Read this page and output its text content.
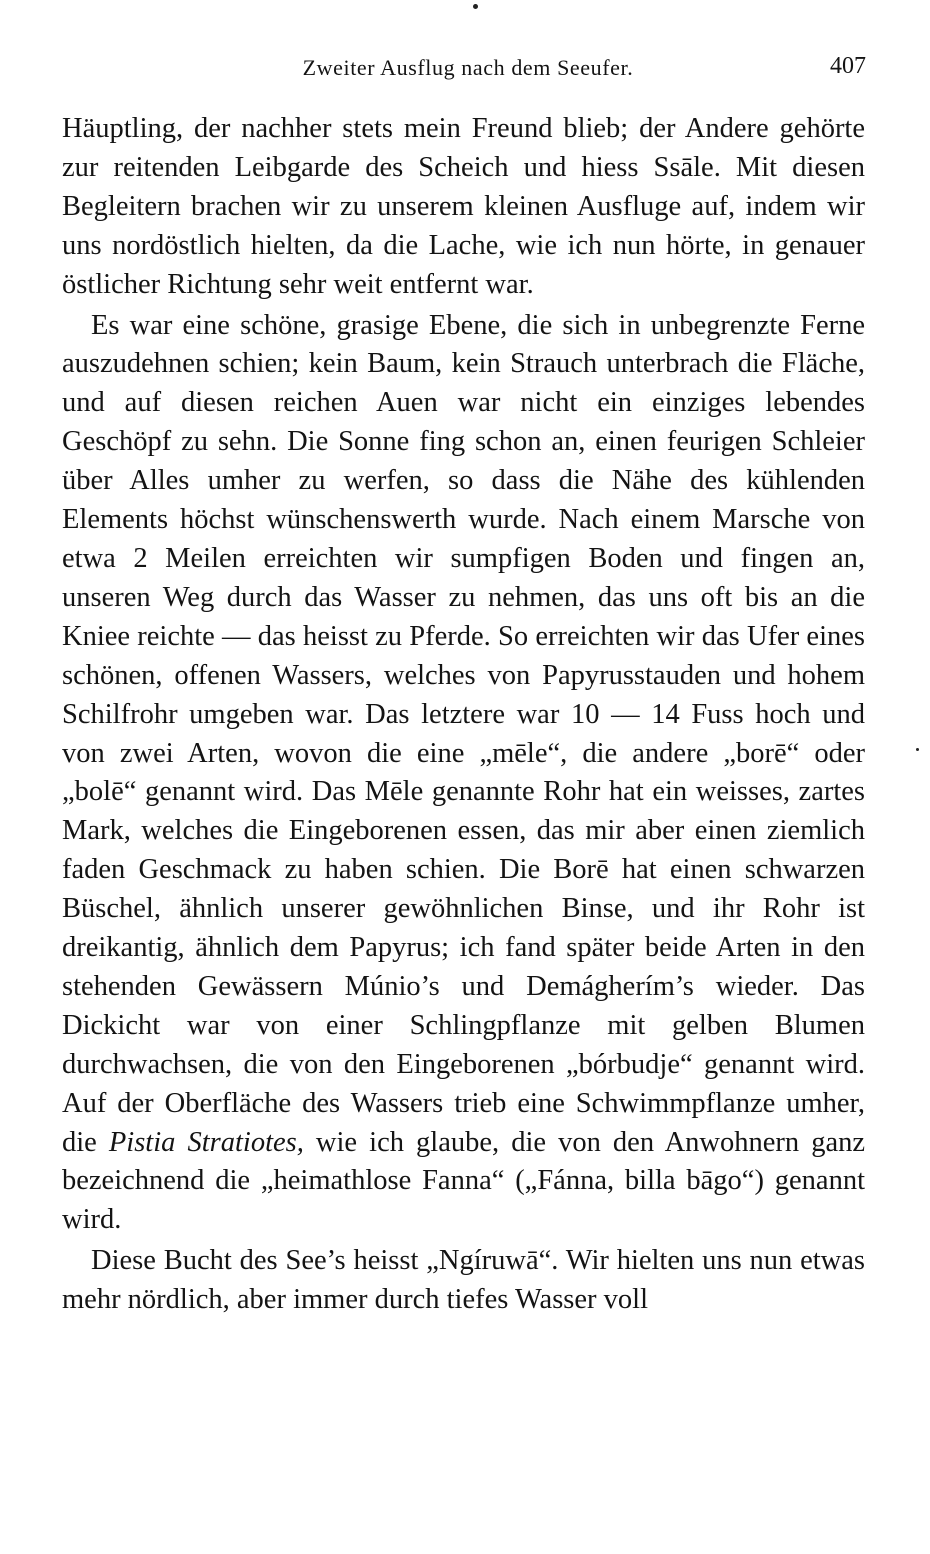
Zweiter Ausflug nach dem Seeufer.	407

Häuptling, der nachher stets mein Freund blieb; der Andere gehörte zur reitenden Leibgarde des Scheich und hiess Ssāle. Mit diesen Begleitern brachen wir zu unserem kleinen Ausfluge auf, indem wir uns nordöstlich hielten, da die Lache, wie ich nun hörte, in genauer östlicher Richtung sehr weit entfernt war.

Es war eine schöne, grasige Ebene, die sich in unbegrenzte Ferne auszudehnen schien; kein Baum, kein Strauch unterbrach die Fläche, und auf diesen reichen Auen war nicht ein einziges lebendes Geschöpf zu sehn. Die Sonne fing schon an, einen feurigen Schleier über Alles umher zu werfen, so dass die Nähe des kühlenden Elements höchst wünschenswerth wurde. Nach einem Marsche von etwa 2 Meilen erreichten wir sumpfigen Boden und fingen an, unseren Weg durch das Wasser zu nehmen, das uns oft bis an die Kniee reichte — das heisst zu Pferde. So erreichten wir das Ufer eines schönen, offenen Wassers, welches von Papyrusstauden und hohem Schilfrohr umgeben war. Das letztere war 10 — 14 Fuss hoch und von zwei Arten, wovon die eine „mēle“, die andere „borē“ oder „bolē“ genannt wird. Das Mēle genannte Rohr hat ein weisses, zartes Mark, welches die Eingeborenen essen, das mir aber einen ziemlich faden Geschmack zu haben schien. Die Borē hat einen schwarzen Büschel, ähnlich unserer gewöhnlichen Binse, und ihr Rohr ist dreikantig, ähnlich dem Papyrus; ich fand später beide Arten in den stehenden Gewässern Múnio’s und Demágherím’s wieder. Das Dickicht war von einer Schlingpflanze mit gelben Blumen durchwachsen, die von den Eingeborenen „bórbudje“ genannt wird. Auf der Oberfläche des Wassers trieb eine Schwimmpflanze umher, die Pistia Stratiotes, wie ich glaube, die von den Anwohnern ganz bezeichnend die „heimathlose Fanna“ („Fánna, billa bāgo“) genannt wird.

Diese Bucht des See’s heisst „Ngíruwā“. Wir hielten uns nun etwas mehr nördlich, aber immer durch tiefes Wasser voll
